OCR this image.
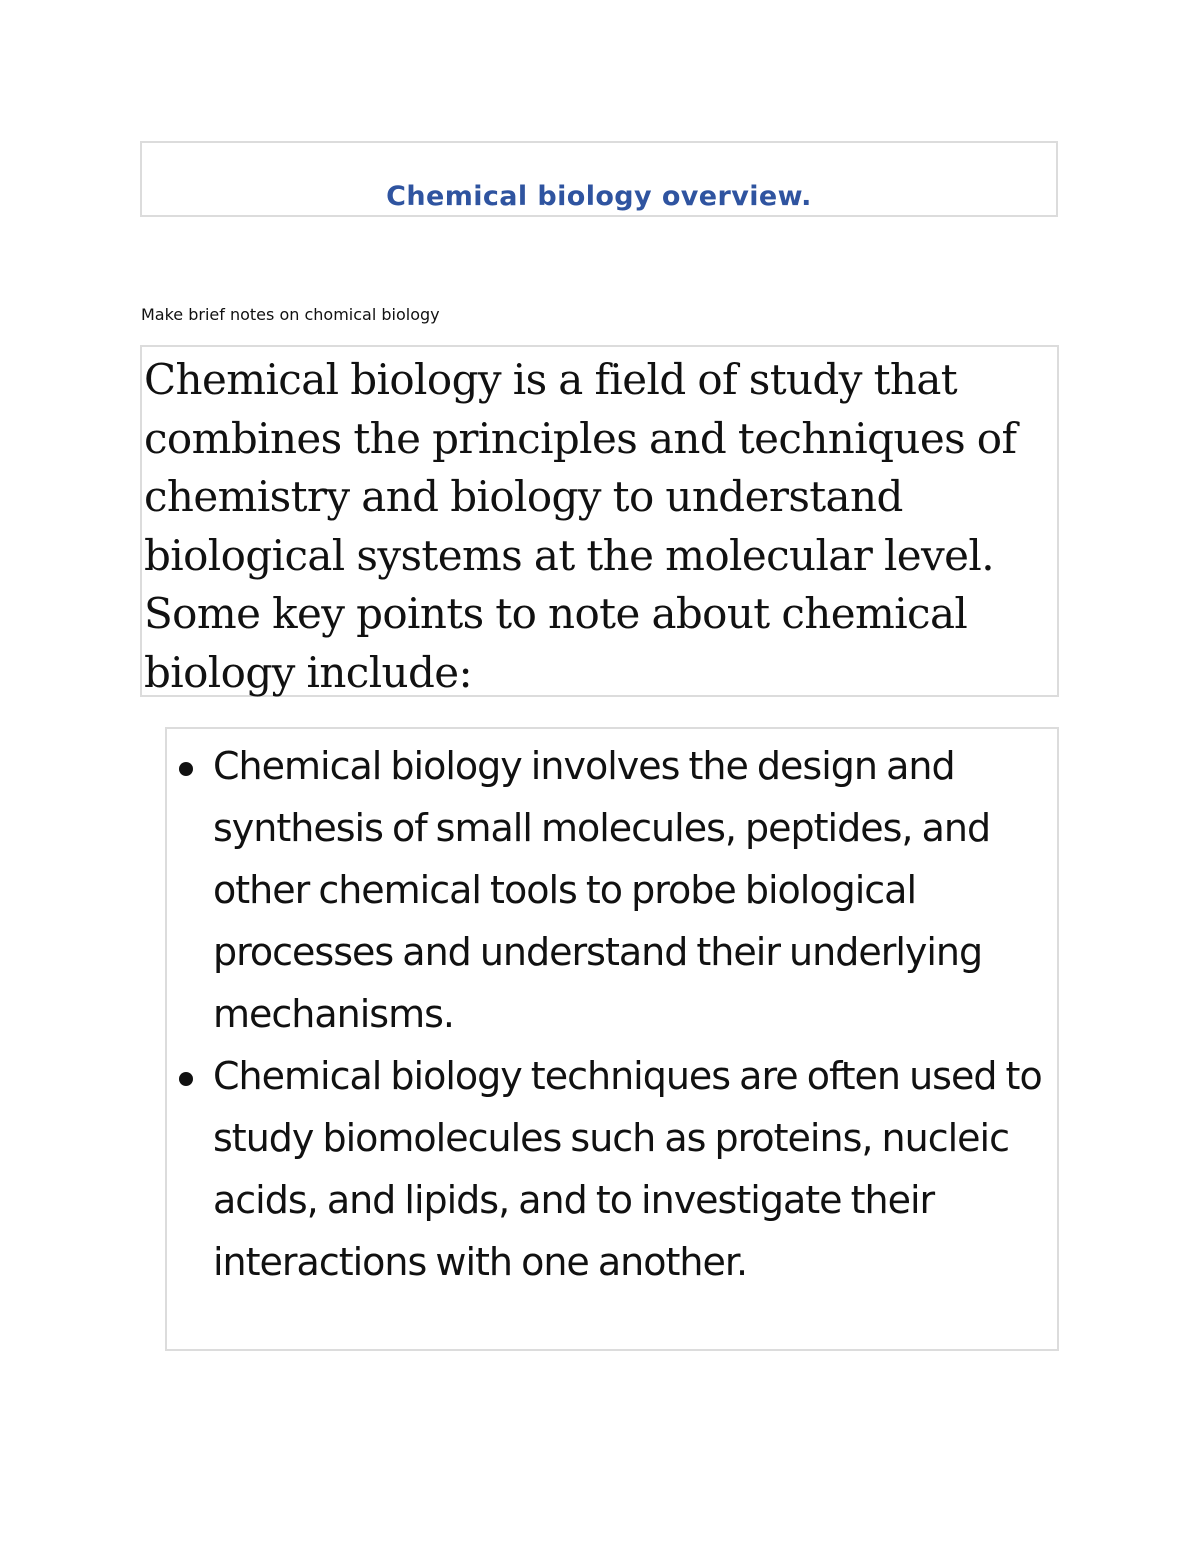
Chemical biology overview.
Make brief notes on chomical biology

Chemical biology is a field of study that combines the principles and techniques of chemistry and biology to understand biological systems at the molecular level. Some key points to note about chemical biology include:

Chemical biology involves the design and synthesis of small molecules, peptides, and other chemical tools to probe biological processes and understand their underlying mechanisms.
Chemical biology techniques are often used to study biomolecules such as proteins, nucleic acids, and lipids, and to investigate their interactions with one another.
